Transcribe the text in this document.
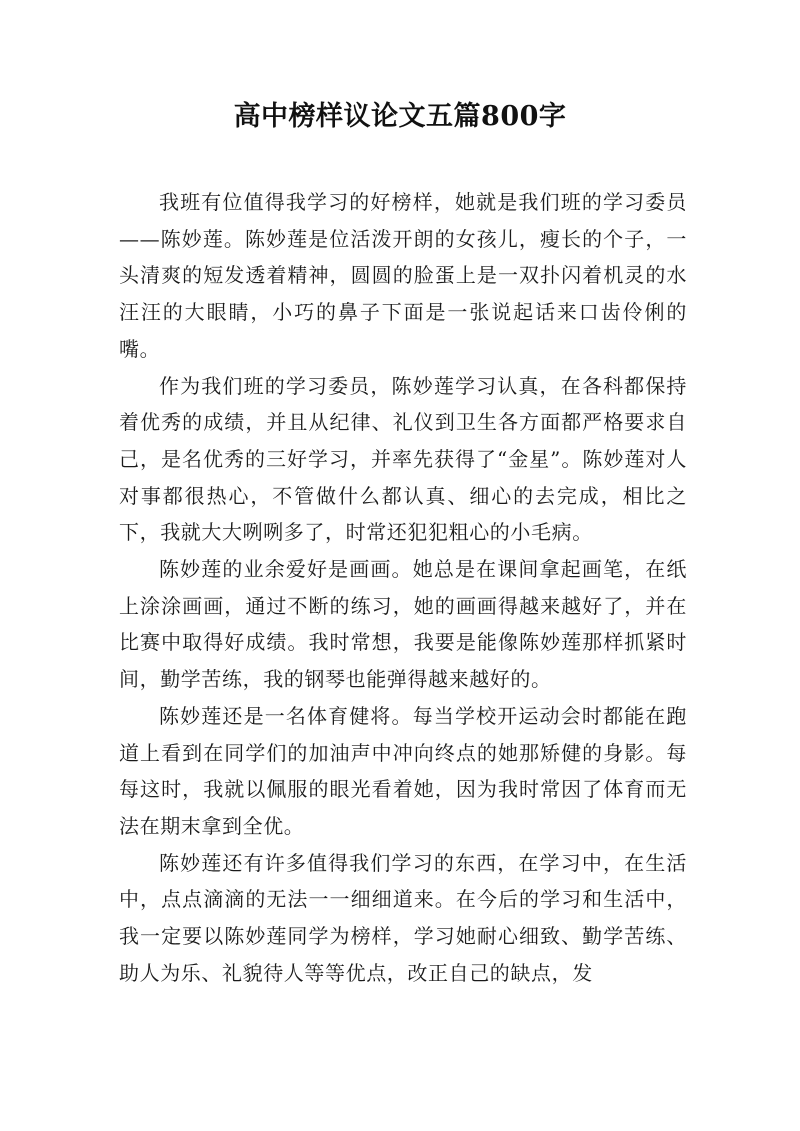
高中榜样议论文五篇800字

我班有位值得我学习的好榜样，她就是我们班的学习委员——陈妙莲。陈妙莲是位活泼开朗的女孩儿，瘦长的个子，一头清爽的短发透着精神，圆圆的脸蛋上是一双扑闪着机灵的水汪汪的大眼睛，小巧的鼻子下面是一张说起话来口齿伶俐的嘴。

作为我们班的学习委员，陈妙莲学习认真，在各科都保持着优秀的成绩，并且从纪律、礼仪到卫生各方面都严格要求自己，是名优秀的三好学习，并率先获得了“金星”。陈妙莲对人对事都很热心，不管做什么都认真、细心的去完成，相比之下，我就大大咧咧多了，时常还犯犯粗心的小毛病。

陈妙莲的业余爱好是画画。她总是在课间拿起画笔，在纸上涂涂画画，通过不断的练习，她的画画得越来越好了，并在比赛中取得好成绩。我时常想，我要是能像陈妙莲那样抓紧时间，勤学苦练，我的钢琴也能弹得越来越好的。

陈妙莲还是一名体育健将。每当学校开运动会时都能在跑道上看到在同学们的加油声中冲向终点的她那矫健的身影。每每这时，我就以佩服的眼光看着她，因为我时常因了体育而无法在期末拿到全优。

陈妙莲还有许多值得我们学习的东西，在学习中，在生活中，点点滴滴的无法一一细细道来。在今后的学习和生活中，我一定要以陈妙莲同学为榜样，学习她耐心细致、勤学苦练、助人为乐、礼貌待人等等优点，改正自己的缺点，发
